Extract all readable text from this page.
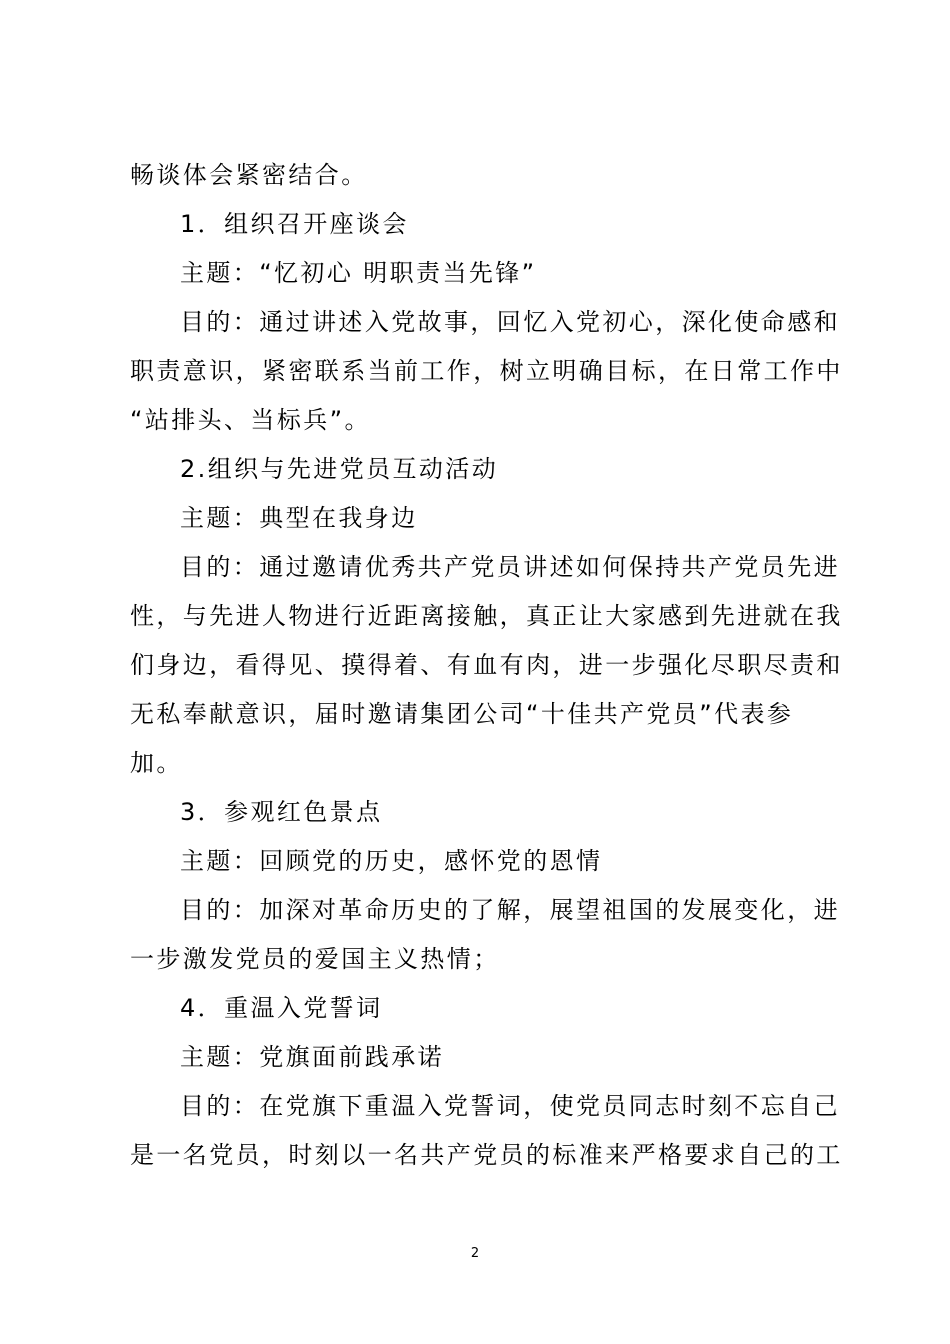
畅谈体会紧密结合。
1．组织召开座谈会
主题：“忆初心 明职责当先锋”
目的：通过讲述入党故事，回忆入党初心，深化使命感和
职责意识，紧密联系当前工作，树立明确目标，在日常工作中
“站排头、当标兵”。
2.组织与先进党员互动活动
主题：典型在我身边
目的：通过邀请优秀共产党员讲述如何保持共产党员先进
性，与先进人物进行近距离接触，真正让大家感到先进就在我
们身边，看得见、摸得着、有血有肉，进一步强化尽职尽责和
无私奉献意识，届时邀请集团公司“十佳共产党员”代表参
加。
3．参观红色景点
主题：回顾党的历史，感怀党的恩情
目的：加深对革命历史的了解，展望祖国的发展变化，进
一步激发党员的爱国主义热情；
4．重温入党誓词
主题：党旗面前践承诺
目的：在党旗下重温入党誓词，使党员同志时刻不忘自己
是一名党员，时刻以一名共产党员的标准来严格要求自己的工
2
